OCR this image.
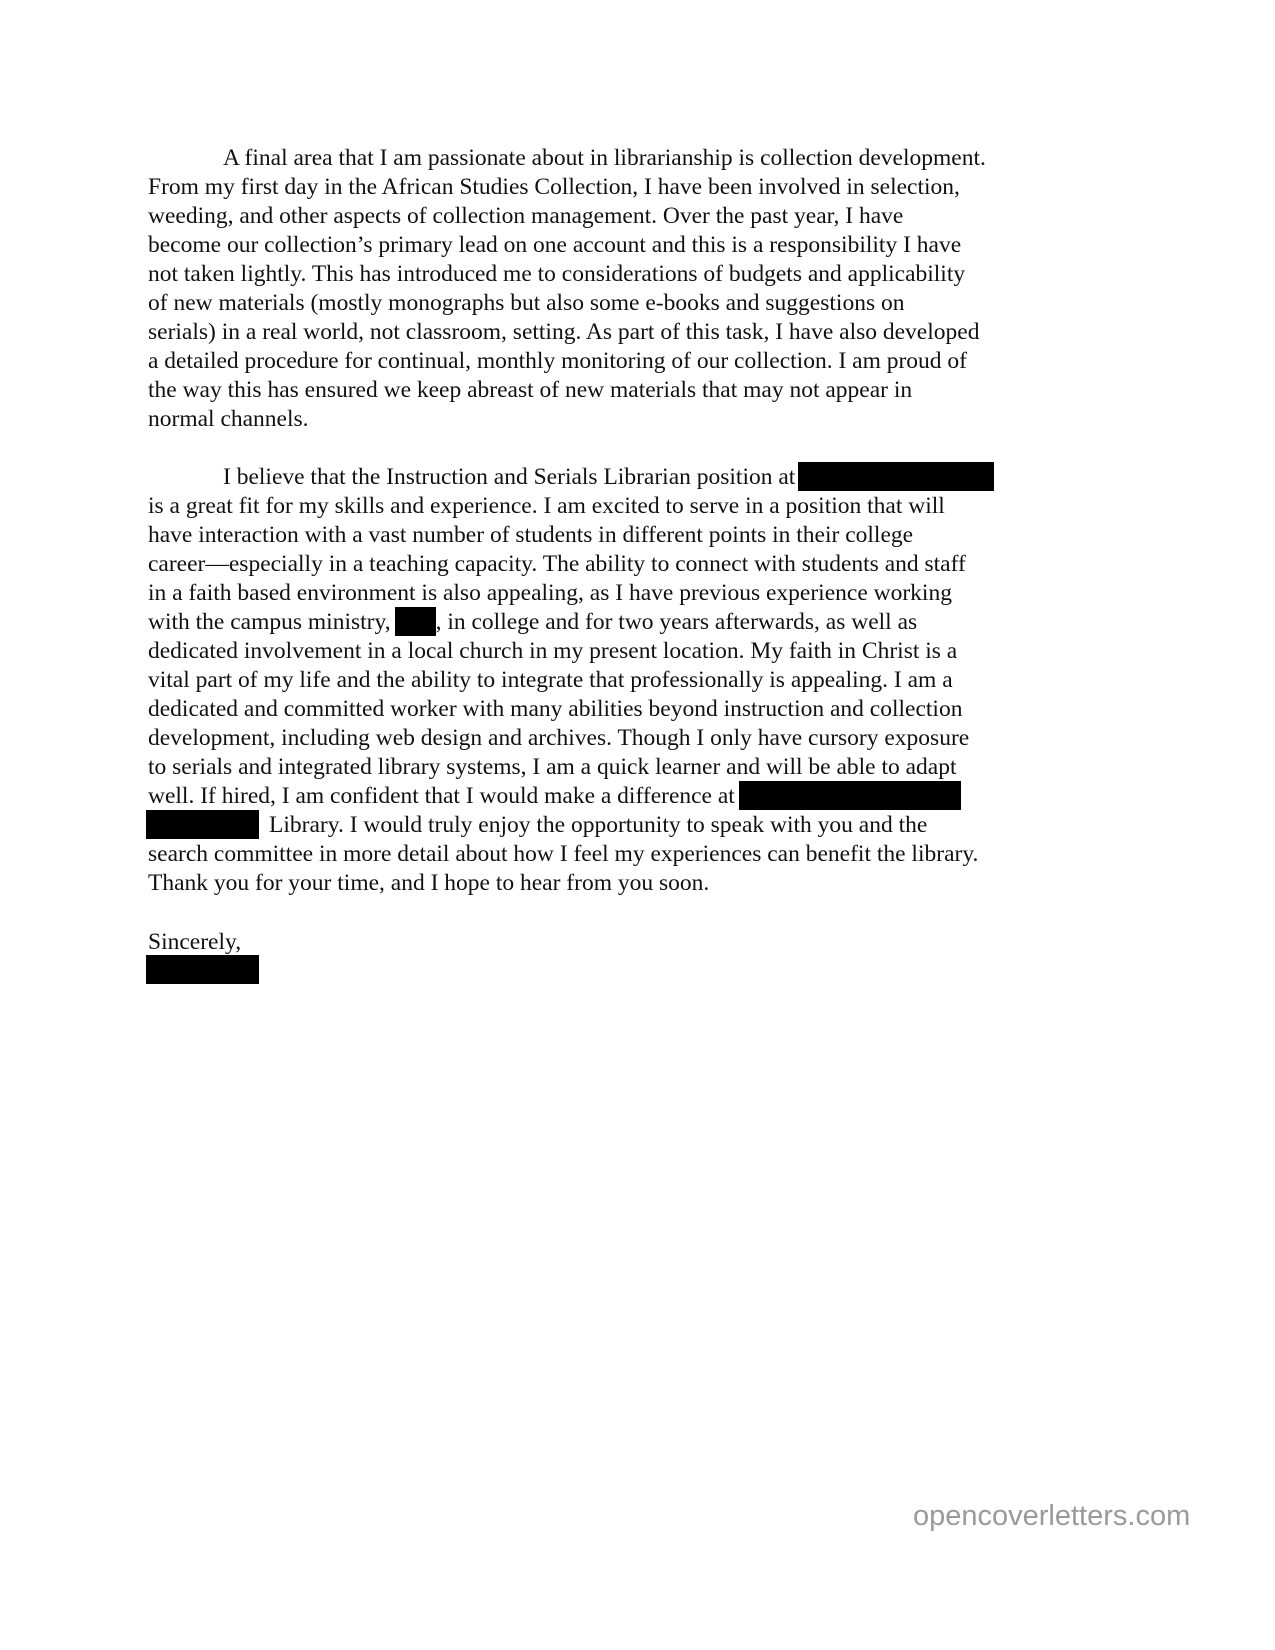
A final area that I am passionate about in librarianship is collection development.
From my first day in the African Studies Collection, I have been involved in selection,
weeding, and other aspects of collection management. Over the past year, I have
become our collection’s primary lead on one account and this is a responsibility I have
not taken lightly. This has introduced me to considerations of budgets and applicability
of new materials (mostly monographs but also some e-books and suggestions on
serials) in a real world, not classroom, setting. As part of this task, I have also developed
a detailed procedure for continual, monthly monitoring of our collection. I am proud of
the way this has ensured we keep abreast of new materials that may not appear in
normal channels.
I believe that the Instruction and Serials Librarian position at
is a great fit for my skills and experience. I am excited to serve in a position that will
have interaction with a vast number of students in different points in their college
career—especially in a teaching capacity. The ability to connect with students and staff
in a faith based environment is also appealing, as I have previous experience working
with the campus ministry, , in college and for two years afterwards, as well as
dedicated involvement in a local church in my present location. My faith in Christ is a
vital part of my life and the ability to integrate that professionally is appealing. I am a
dedicated and committed worker with many abilities beyond instruction and collection
development, including web design and archives. Though I only have cursory exposure
to serials and integrated library systems, I am a quick learner and will be able to adapt
well. If hired, I am confident that I would make a difference at
Library. I would truly enjoy the opportunity to speak with you and the
search committee in more detail about how I feel my experiences can benefit the library.
Thank you for your time, and I hope to hear from you soon.
Sincerely,
opencoverletters.com
